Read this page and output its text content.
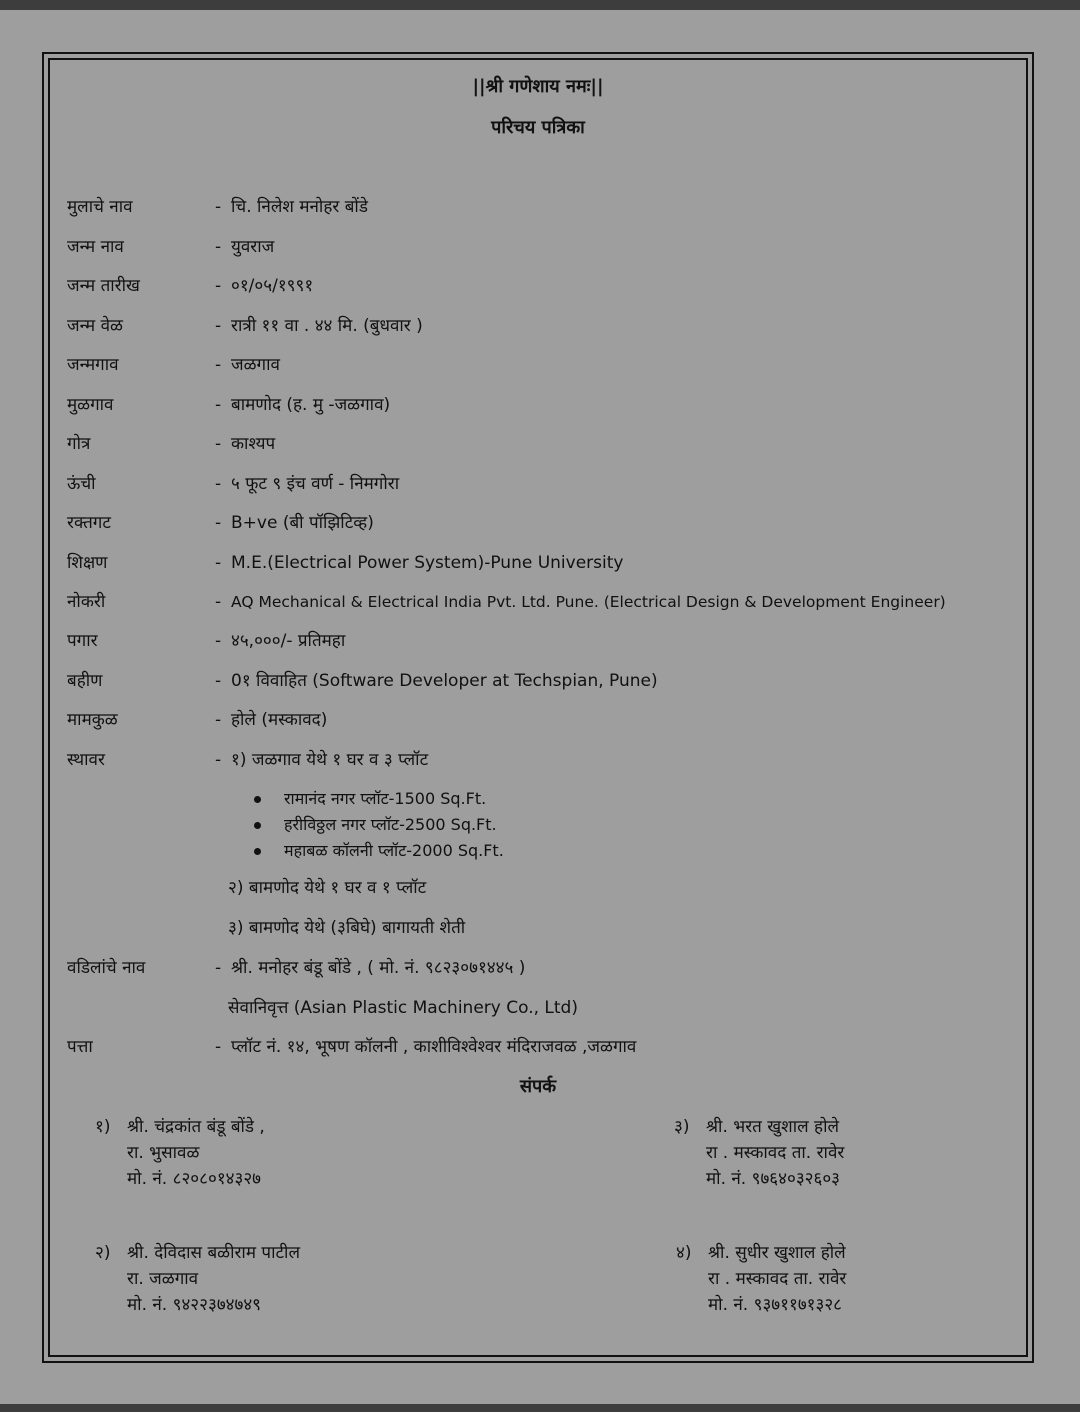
||श्री गणेशाय नमः||
परिचय पत्रिका
मुलाचे नाव	- चि. निलेश मनोहर बोंडे
जन्म नाव	- युवराज
जन्म तारीख	- ०१/०५/१९९१
जन्म वेळ	- रात्री ११ वा . ४४ मि. (बुधवार )
जन्मगाव	- जळगाव
मुळगाव	- बामणोद (ह. मु -जळगाव)
गोत्र	- काश्यप
ऊंची	- ५ फूट ९ इंच वर्ण - निमगोरा
रक्तगट	- B+ve (बी पॉझिटिव्ह)
शिक्षण	- M.E.(Electrical Power System)-Pune University
नोकरी	- AQ Mechanical & Electrical India Pvt. Ltd. Pune. (Electrical Design & Development Engineer)
पगार	- ४५,०००/- प्रतिमहा
बहीण	- 0१ विवाहित (Software Developer at Techspian, Pune)
मामकुळ	- होले (मस्कावद)
स्थावर	- १) जळगाव येथे १ घर व ३ प्लॉट
रामानंद नगर प्लॉट-1500 Sq.Ft.
हरीविठ्ठल नगर प्लॉट-2500 Sq.Ft.
महाबळ कॉलनी प्लॉट-2000 Sq.Ft.
२) बामणोद येथे १ घर व १ प्लॉट
३) बामणोद येथे (३बिघे) बागायती शेती
वडिलांचे नाव	- श्री. मनोहर बंडू बोंडे , ( मो. नं. ९८२३०७१४४५ )
सेवानिवृत्त (Asian Plastic Machinery Co., Ltd)
पत्ता	- प्लॉट नं. १४, भूषण कॉलनी , काशीविश्वेश्वर मंदिराजवळ ,जळगाव
संपर्क
१) श्री. चंद्रकांत बंडू बोंडे ,
रा. भुसावळ
मो. नं. ८२०८०१४३२७
२) श्री. देविदास बळीराम पाटील
रा. जळगाव
मो. नं. ९४२२३७४७४९
३) श्री. भरत खुशाल होले
रा . मस्कावद ता. रावेर
मो. नं. ९७६४०३२६०३
४) श्री. सुधीर खुशाल होले
रा . मस्कावद ता. रावेर
मो. नं. ९३७११७१३२८
